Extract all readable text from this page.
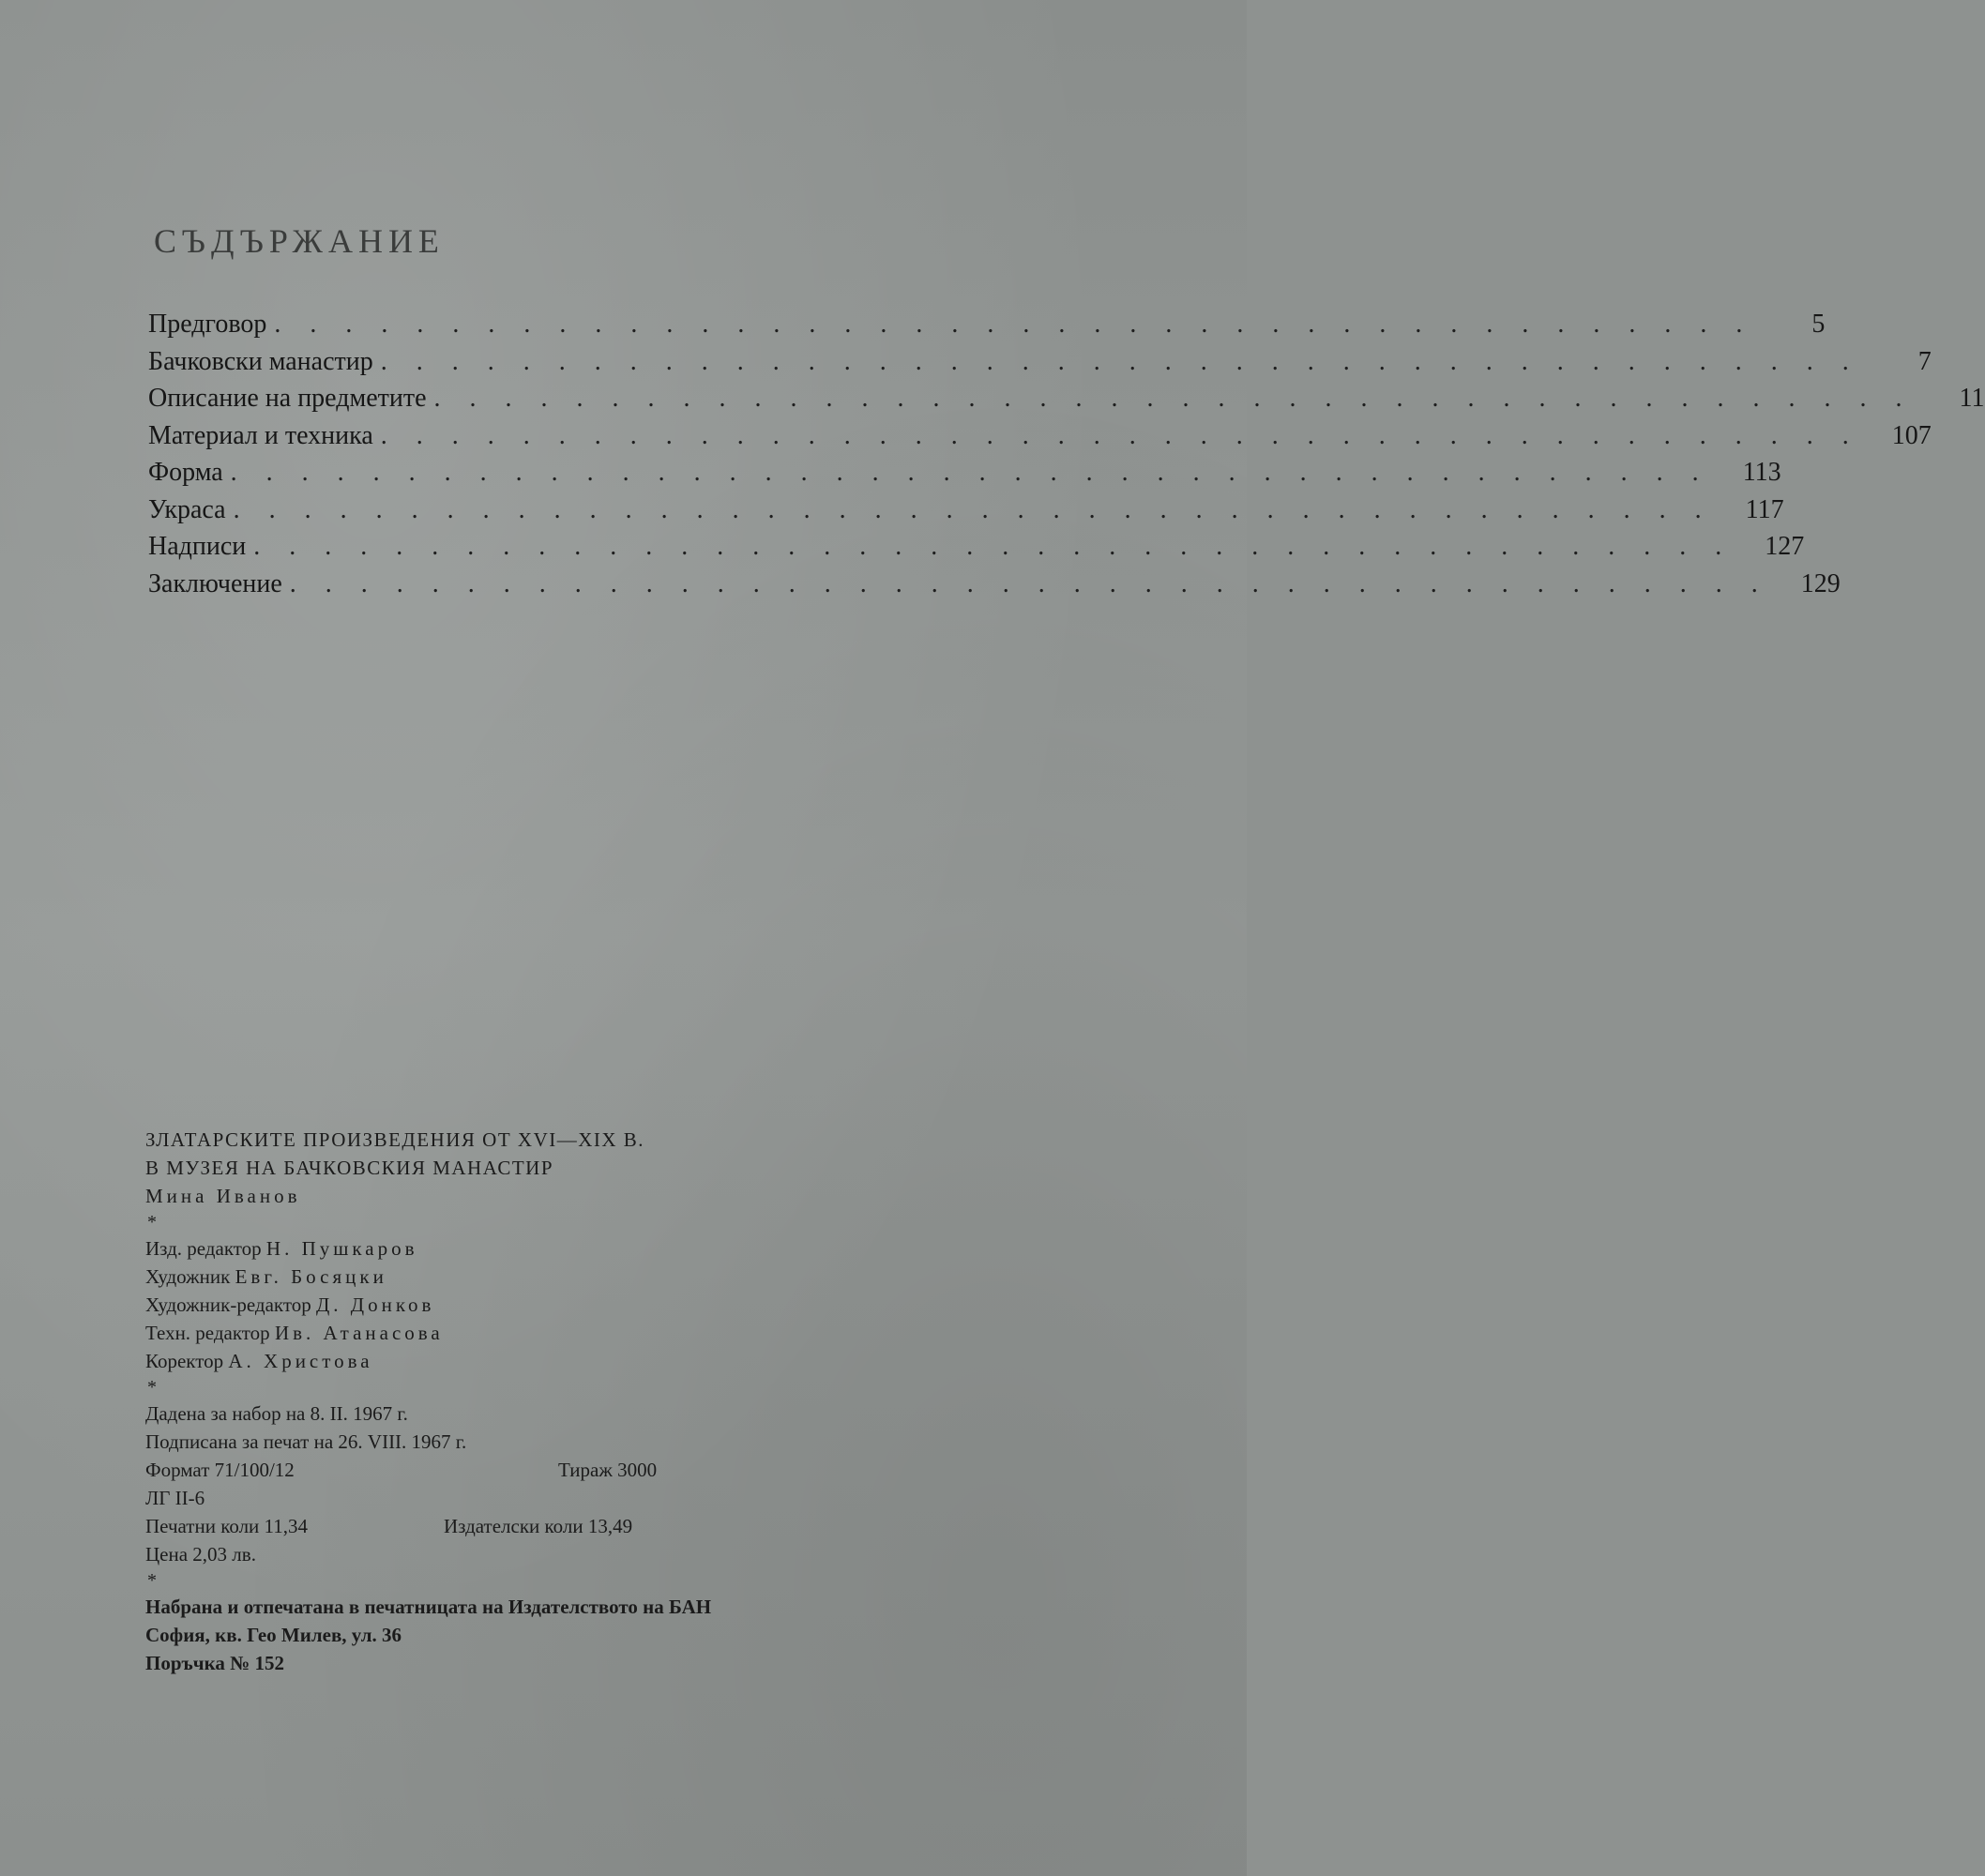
СЪДЪРЖАНИЕ
Предговор . . . . . . . . . . . . . . . . . . . . . . . . . . . . . . . . . . . . . . . . . .	5
Бачковски манастир . . . . . . . . . . . . . . . . . . . . . . . . . . . . . . . . . . . . . . . . . .	7
Описание на предметите . . . . . . . . . . . . . . . . . . . . . . . . . . . . . . . . . . . . . . . . . .	11
Материал и техника . . . . . . . . . . . . . . . . . . . . . . . . . . . . . . . . . . . . . . . . . .	107
Форма . . . . . . . . . . . . . . . . . . . . . . . . . . . . . . . . . . . . . . . . . .	113
Украса . . . . . . . . . . . . . . . . . . . . . . . . . . . . . . . . . . . . . . . . . .	117
Надписи . . . . . . . . . . . . . . . . . . . . . . . . . . . . . . . . . . . . . . . . . .	127
Заключение . . . . . . . . . . . . . . . . . . . . . . . . . . . . . . . . . . . . . . . . . .	129
ЗЛАТАРСКИТЕ ПРОИЗВЕДЕНИЯ ОТ XVI—XIX В.
В МУЗЕЯ НА БАЧКОВСКИЯ МАНАСТИР
Мина Иванов
*
Изд. редактор Н. Пушкаров
Художник Евг. Босяцки
Художник-редактор Д. Донков
Техн. редактор Ив. Атанасова
Коректор А. Христова
*
Дадена за набор на 8. II. 1967 г.
Подписана за печат на 26. VIII. 1967 г.
Формат 71/100/12	Тираж 3000
ЛГ II-6
Печатни коли 11,34	Издателски коли 13,49
Цена 2,03 лв.
*
Набрана и отпечатана в печатницата на Издателството на БАН
София, кв. Гео Милев, ул. 36
Поръчка № 152
